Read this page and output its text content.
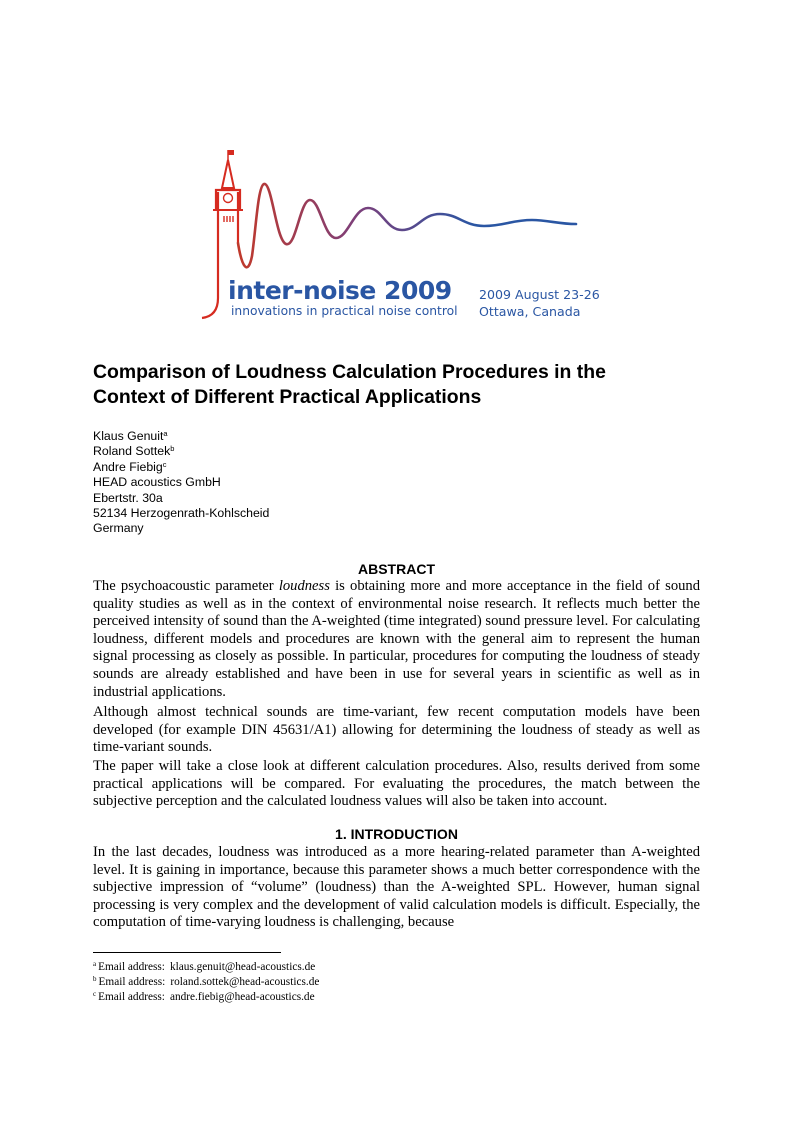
inter-noise 2009
innovations in practical noise control
2009 August 23-26
Ottawa, Canada
Comparison of Loudness Calculation Procedures in the
Context of Different Practical Applications
Klaus Genuit$^a$
Roland Sottek$^b$
Andre Fiebig$^c$
HEAD acoustics GmbH
Ebertstr. 30a
52134 Herzogenrath-Kohlscheid
Germany
ABSTRACT

The psychoacoustic parameter loudness is obtaining more and more acceptance in the field of sound quality studies as well as in the context of environmental noise research. It reflects much better the perceived intensity of sound than the A-weighted (time integrated) sound pressure level. For calculating loudness, different models and procedures are known with the general aim to represent the human signal processing as closely as possible. In particular, procedures for computing the loudness of steady sounds are already established and have been in use for several years in scientific as well as in industrial applications.

Although almost technical sounds are time-variant, few recent computation models have been developed (for example DIN 45631/A1) allowing for determining the loudness of steady as well as time-variant sounds.

The paper will take a close look at different calculation procedures. Also, results derived from some practical applications will be compared. For evaluating the procedures, the match between the subjective perception and the calculated loudness values will also be taken into account.

1. INTRODUCTION

In the last decades, loudness was introduced as a more hearing-related parameter than A-weighted level. It is gaining in importance, because this parameter shows a much better correspondence with the subjective impression of “volume” (loudness) than the A-weighted SPL. However, human signal processing is very complex and the development of valid calculation models is difficult. Especially, the computation of time-varying loudness is challenging, because

$^a$ Email address: klaus.genuit@head-acoustics.de
$^b$ Email address: roland.sottek@head-acoustics.de
$^c$ Email address: andre.fiebig@head-acoustics.de
